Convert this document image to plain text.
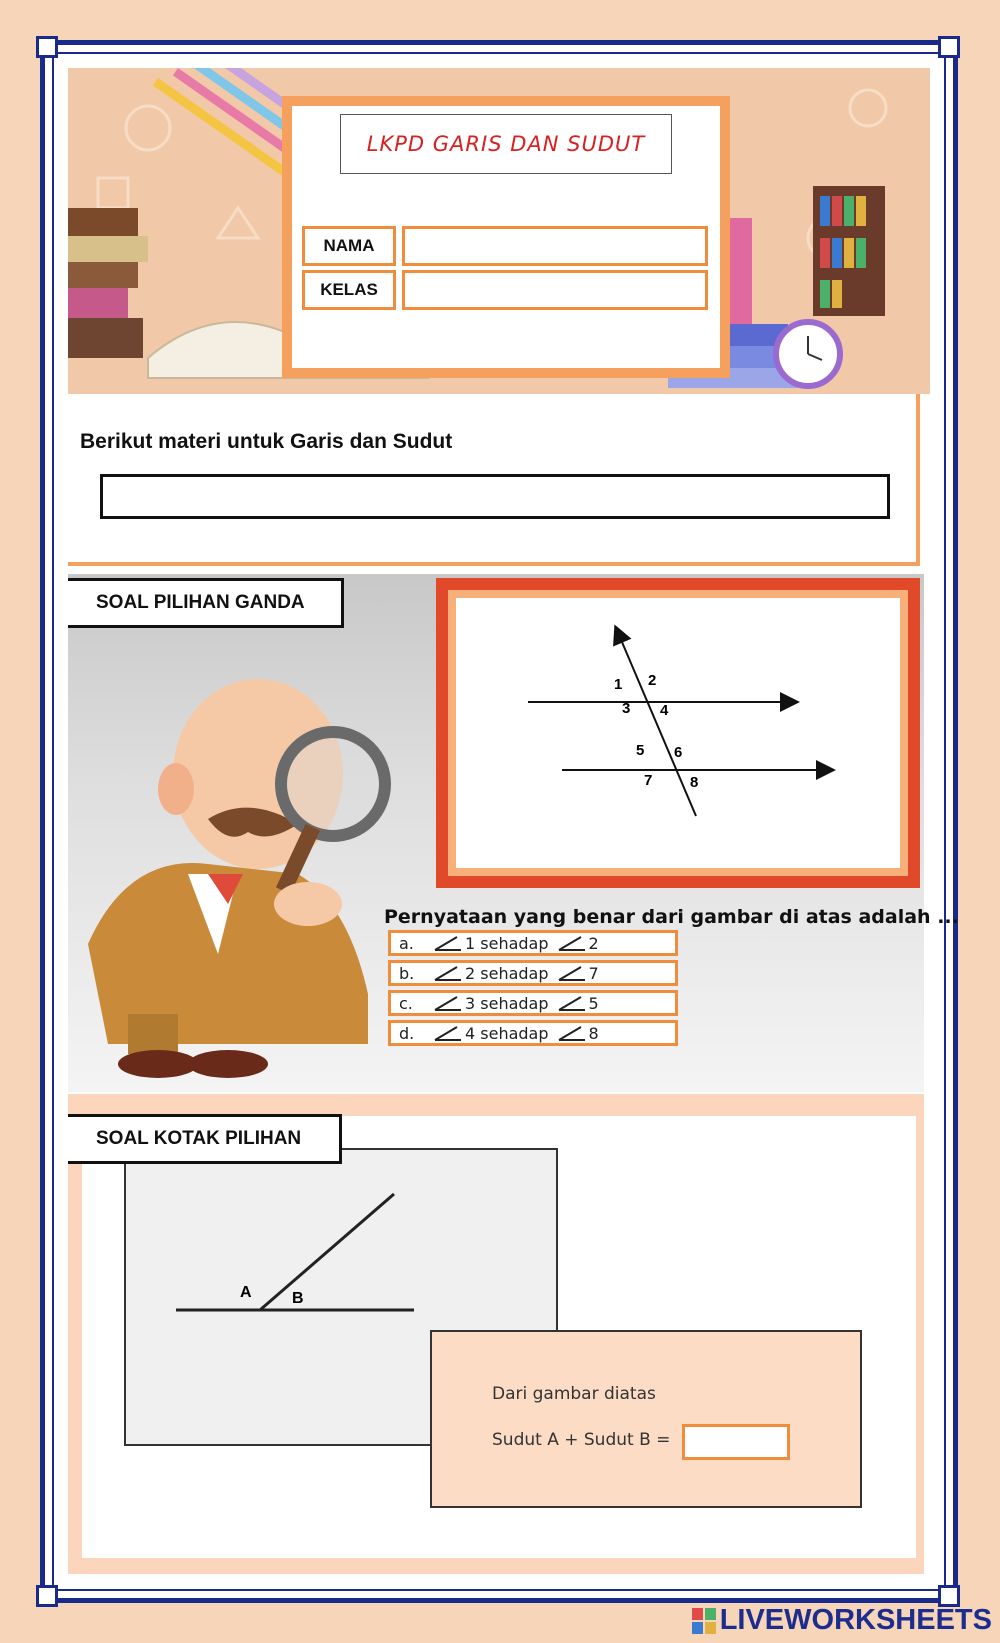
LKPD GARIS DAN SUDUT
NAMA
KELAS
Berikut materi untuk Garis dan Sudut
SOAL PILIHAN GANDA
1 2
3 4
5 6
7	8
Pernyataan yang benar dari gambar di atas adalah ...
a.	1 sehadap	2
b.	2 sehadap	7
c.	3 sehadap	5
d.	4 sehadap	8
A	B
SOAL KOTAK PILIHAN
Dari gambar diatas
Sudut A + Sudut B =
LIVEWORKSHEETS
